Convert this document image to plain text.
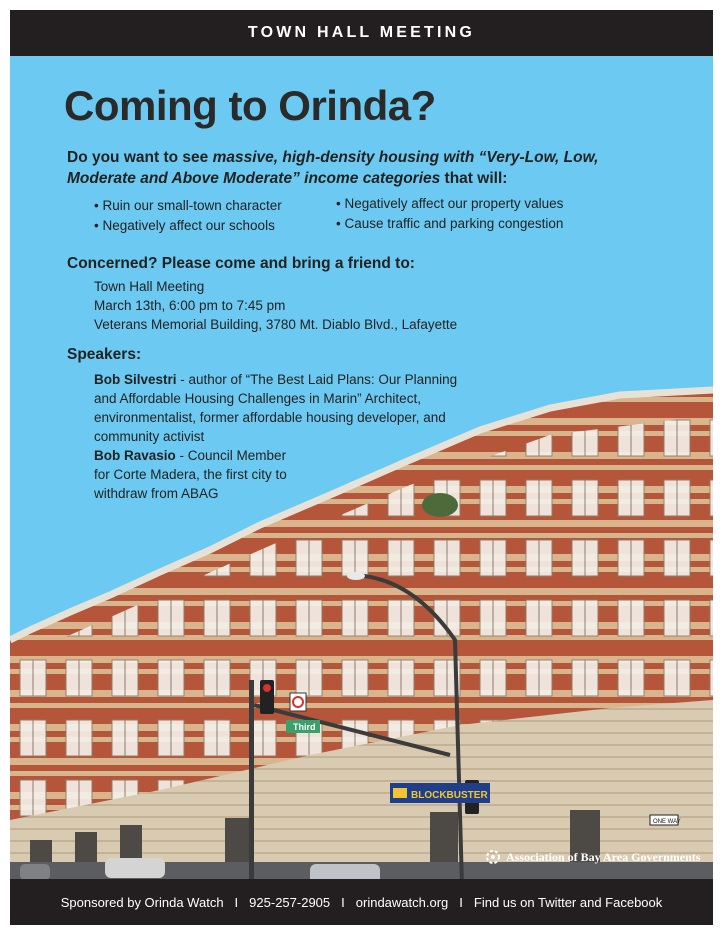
TOWN HALL MEETING
Third
BLOCKBUSTER
ONE WAY
Coming to Orinda?
Do you want to see massive, high-density housing with “Very-Low, Low, Moderate and Above Moderate” income categories that will:
• Ruin our small-town character
• Negatively affect our schools
• Negatively affect our property values
• Cause traffic and parking congestion
Concerned? Please come and bring a friend to:
Town Hall Meeting
March 13th, 6:00 pm to 7:45 pm
Veterans Memorial Building, 3780 Mt. Diablo Blvd., Lafayette
Speakers:
Bob Silvestri - author of “The Best Laid Plans: Our Planning and Affordable Housing Challenges in Marin” Architect, environmentalist, former affordable housing developer, and community activist
Bob Ravasio - Council Member for Corte Madera, the first city to withdraw from ABAG
Association of Bay Area Governments
Sponsored by Orinda Watch I 925-257-2905 I orindawatch.org I Find us on Twitter and Facebook
